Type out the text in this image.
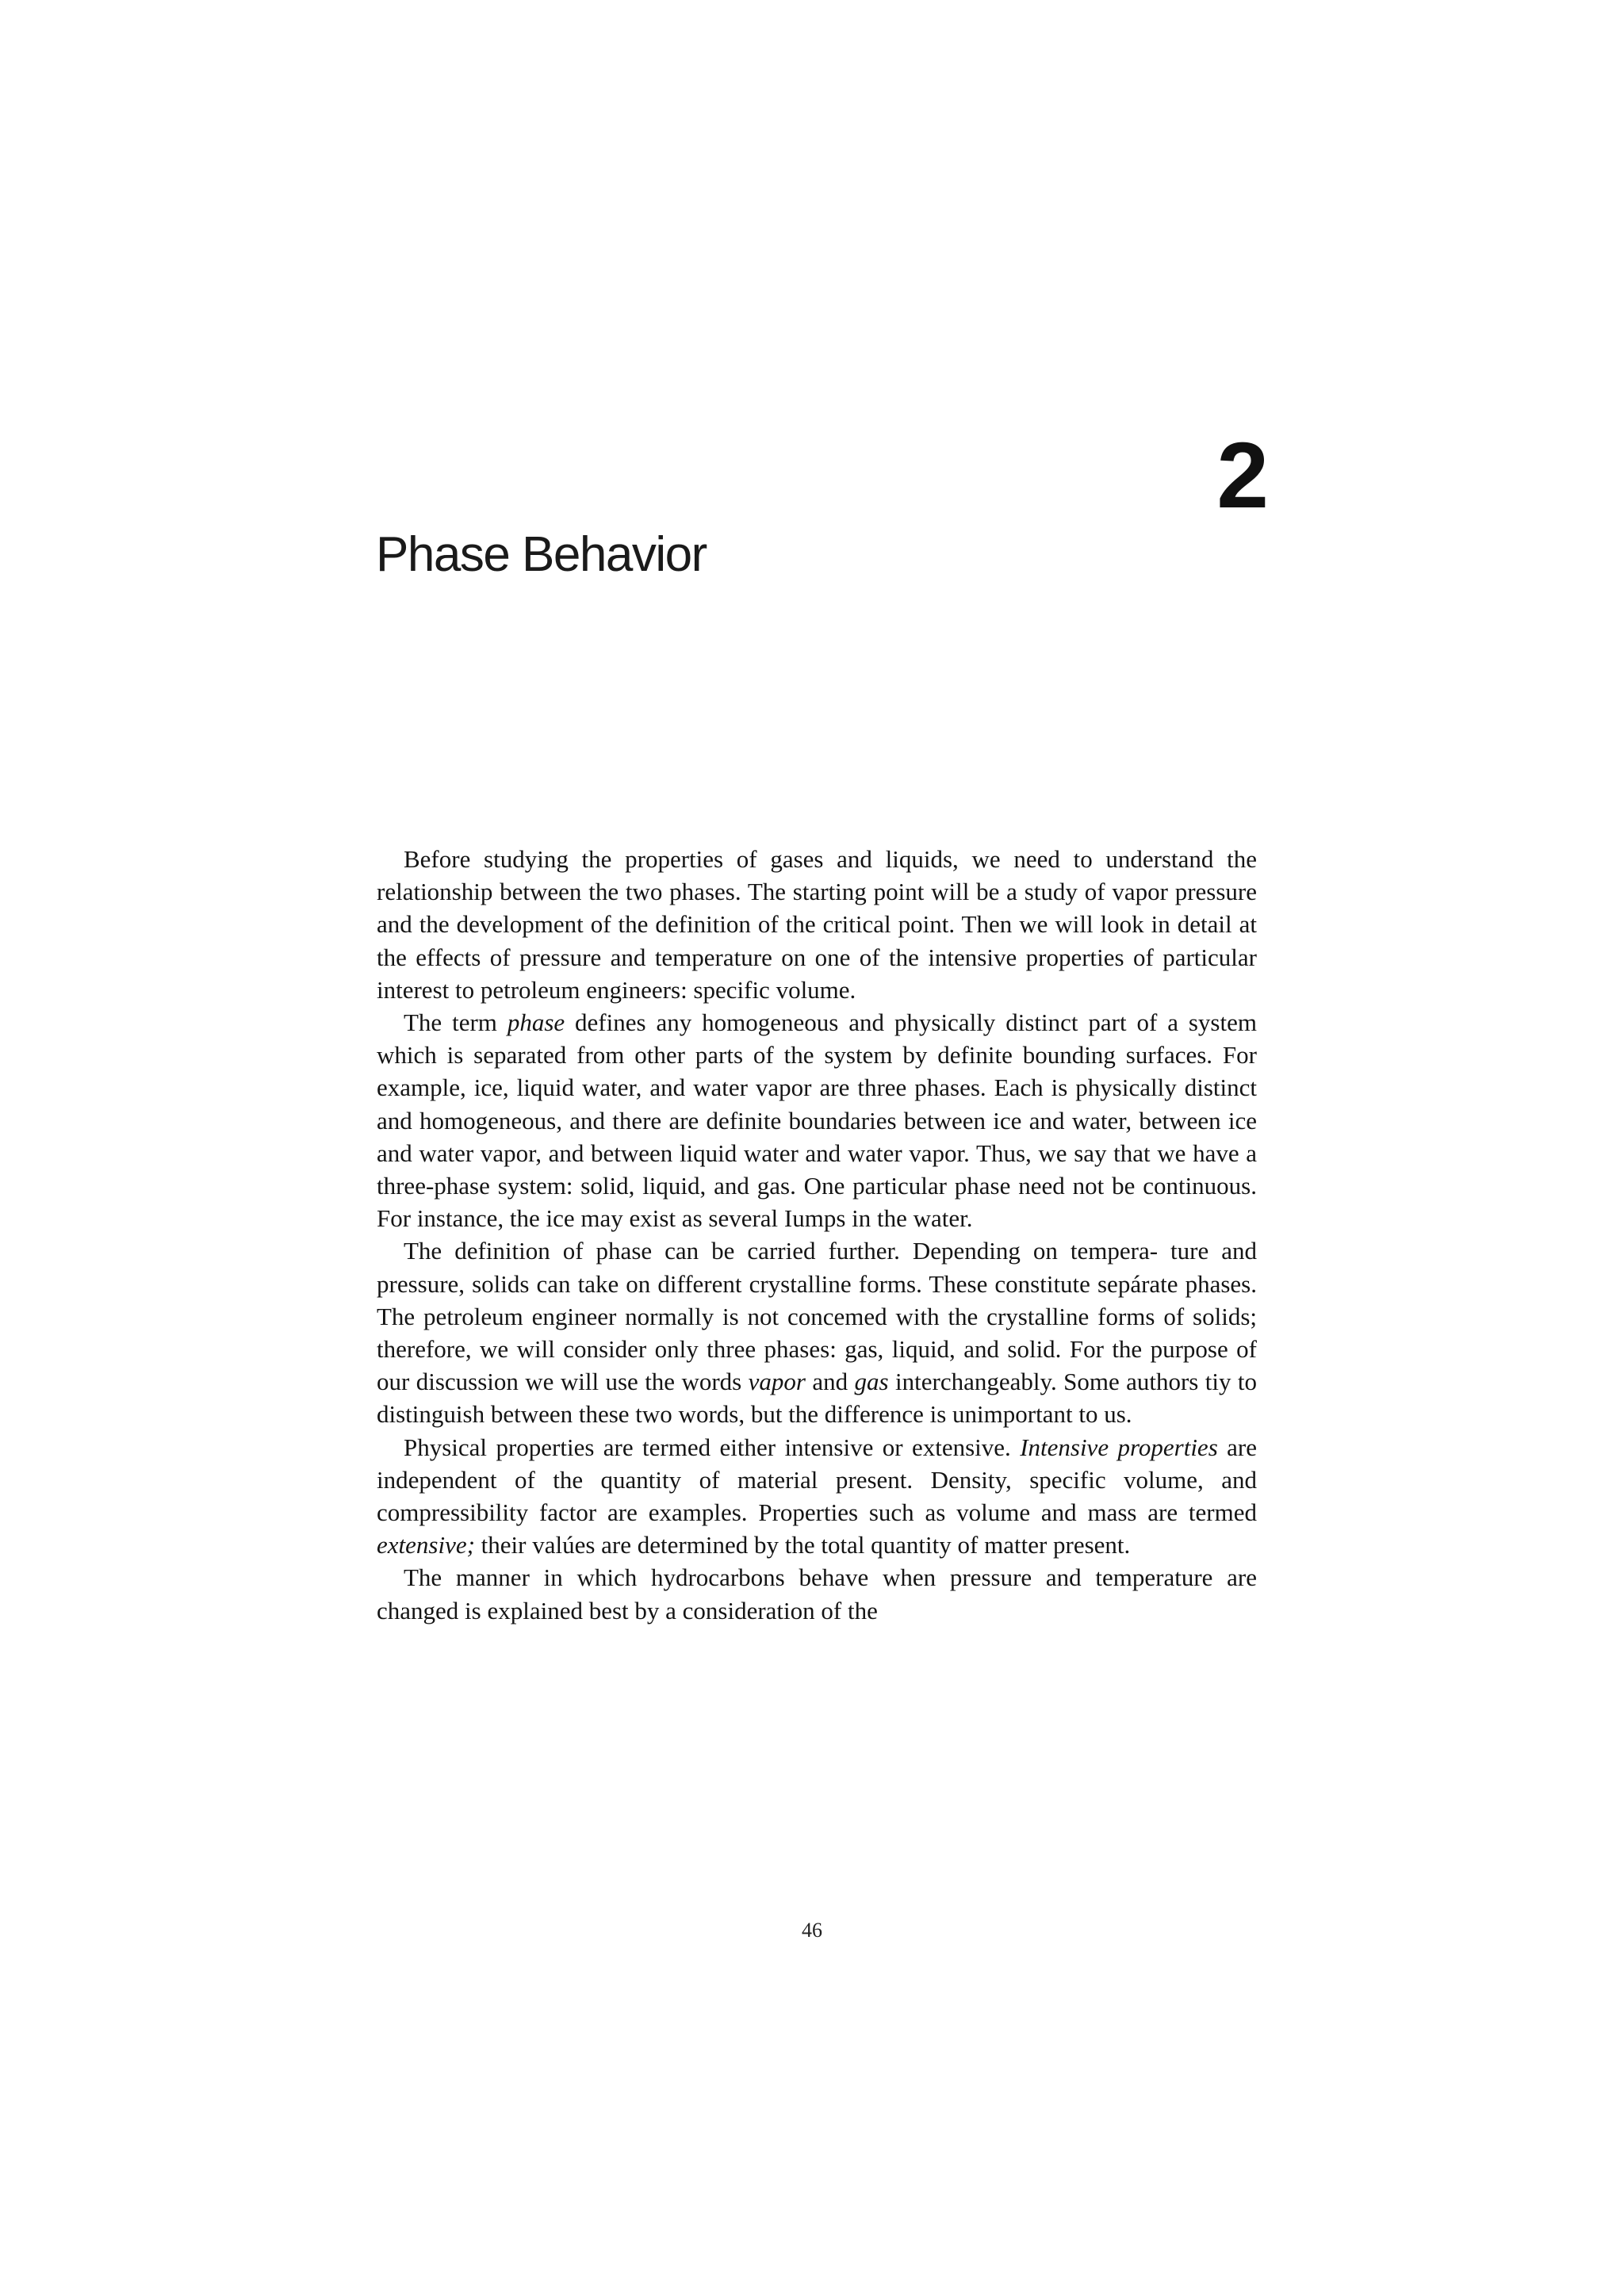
2
Phase Behavior

Before studying the properties of gases and liquids, we need to understand the relationship between the two phases. The starting point will be a study of vapor pressure and the development of the definition of the critical point. Then we will look in detail at the effects of pressure and temperature on one of the intensive properties of particular interest to petroleum engineers: specific volume.

The term phase defines any homogeneous and physically distinct part of a system which is separated from other parts of the system by definite bounding surfaces. For example, ice, liquid water, and water vapor are three phases. Each is physically distinct and homogeneous, and there are definite boundaries between ice and water, between ice and water vapor, and between liquid water and water vapor. Thus, we say that we have a three-phase system: solid, liquid, and gas. One particular phase need not be continuous. For instance, the ice may exist as several Iumps in the water.

The definition of phase can be carried further. Depending on tempera- ture and pressure, solids can take on different crystalline forms. These constitute sepárate phases. The petroleum engineer normally is not concemed with the crystalline forms of solids; therefore, we will consider only three phases: gas, liquid, and solid. For the purpose of our discussion we will use the words vapor and gas interchangeably. Some authors tiy to distinguish between these two words, but the difference is unimportant to us.

Physical properties are termed either intensive or extensive. Intensive properties are independent of the quantity of material present. Density, specific volume, and compressibility factor are examples. Properties such as volume and mass are termed extensive; their valúes are determined by the total quantity of matter present.

The manner in which hydrocarbons behave when pressure and temperature are changed is explained best by a consideration of the

46
